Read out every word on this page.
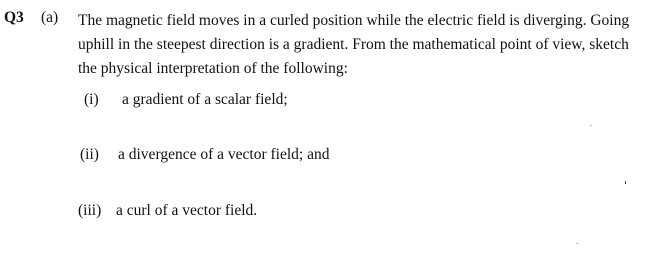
Q3 (a) The magnetic field moves in a curled position while the electric field is diverging. Going
uphill in the steepest direction is a gradient. From the mathematical point of view, sketch
the physical interpretation of the following:
(i) a gradient of a scalar field;
(ii) a divergence of a vector field; and
(iii) a curl of a vector field.
